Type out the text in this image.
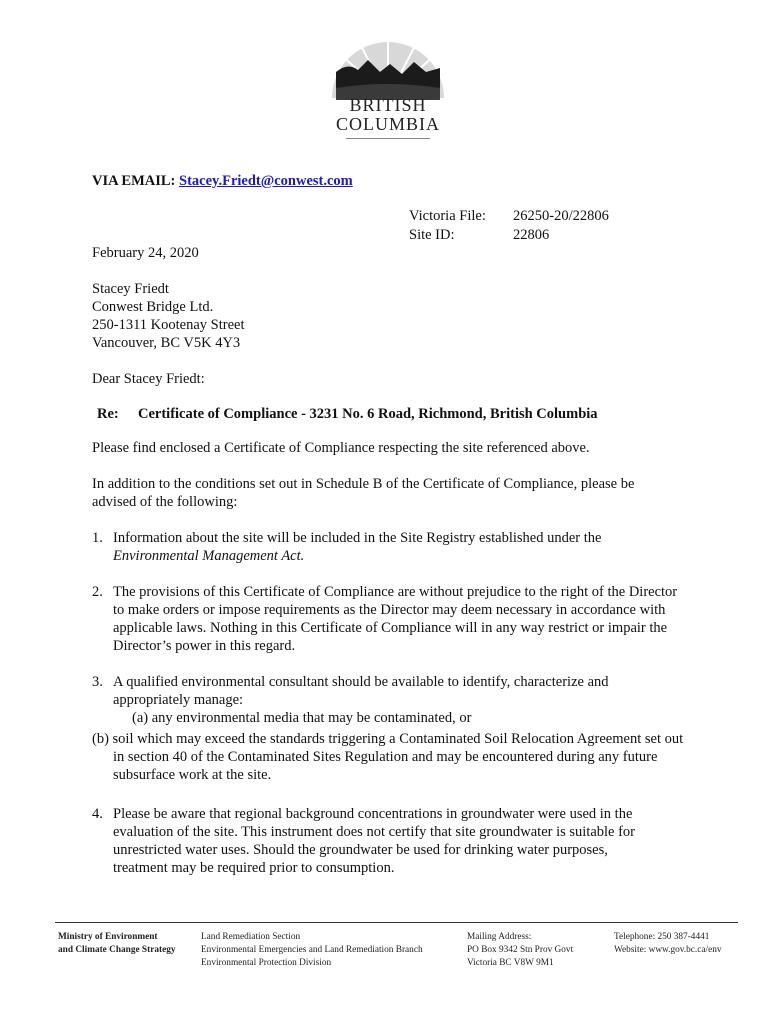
BRITISH
COLUMBIA
VIA EMAIL: Stacey.Friedt@conwest.com
Victoria File: 26250-20/22806
Site ID:	22806
February 24, 2020
Stacey Friedt
Conwest Bridge Ltd.
250-1311 Kootenay Street
Vancouver, BC V5K 4Y3
Dear Stacey Friedt:
Re: Certificate of Compliance - 3231 No. 6 Road, Richmond, British Columbia
Please find enclosed a Certificate of Compliance respecting the site referenced above.
In addition to the conditions set out in Schedule B of the Certificate of Compliance, please be
advised of the following:
1. Information about the site will be included in the Site Registry established under the
Environmental Management Act.
2. The provisions of this Certificate of Compliance are without prejudice to the right of the Director
to make orders or impose requirements as the Director may deem necessary in accordance with
applicable laws. Nothing in this Certificate of Compliance will in any way restrict or impair the
Director’s power in this regard.
3. A qualified environmental consultant should be available to identify, characterize and
appropriately manage:
(a) any environmental media that may be contaminated, or
(b) soil which may exceed the standards triggering a Contaminated Soil Relocation Agreement set out
in section 40 of the Contaminated Sites Regulation and may be encountered during any future
subsurface work at the site.
4. Please be aware that regional background concentrations in groundwater were used in the
evaluation of the site. This instrument does not certify that site groundwater is suitable for
unrestricted water uses. Should the groundwater be used for drinking water purposes,
treatment may be required prior to consumption.
Ministry of Environment
and Climate Change Strategy
Land Remediation Section
Environmental Emergencies and Land Remediation Branch
Environmental Protection Division
Mailing Address:
PO Box 9342 Stn Prov Govt
Victoria BC V8W 9M1
Telephone: 250 387-4441
Website: www.gov.bc.ca/env
